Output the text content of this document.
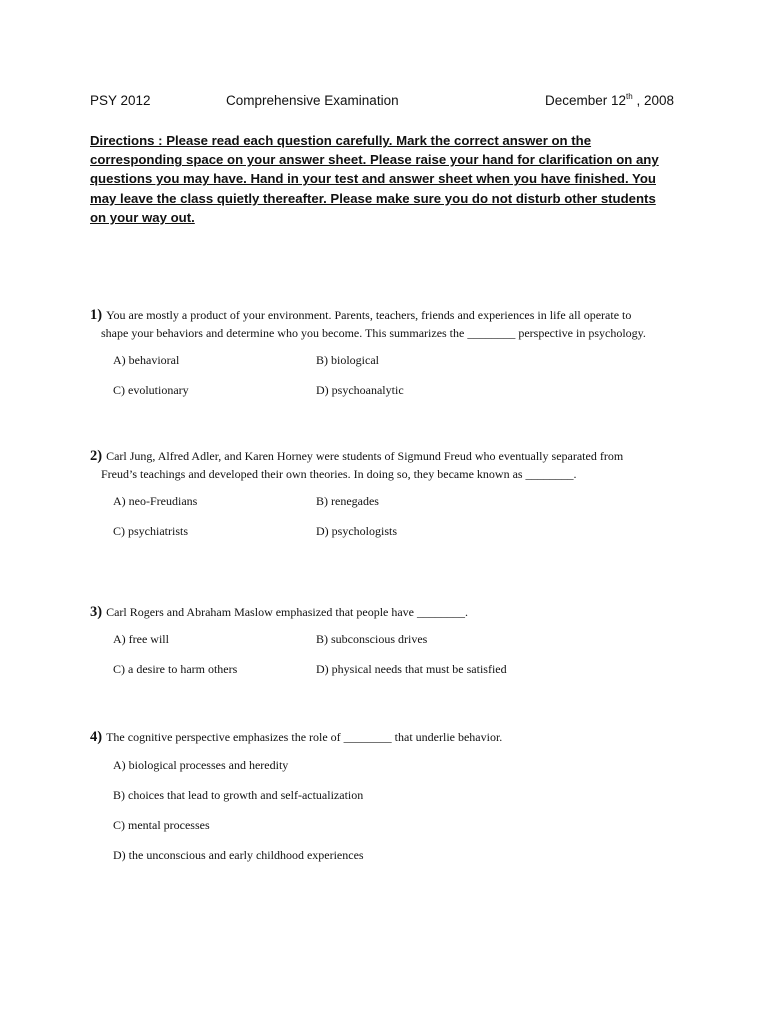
PSY 2012	Comprehensive Examination	December 12th , 2008
Directions : Please read each question carefully. Mark the correct answer on the
corresponding space on your answer sheet. Please raise your hand for clarification on any
questions you may have. Hand in your test and answer sheet when you have finished. You
may leave the class quietly thereafter. Please make sure you do not disturb other students
on your way out.
1) You are mostly a product of your environment. Parents, teachers, friends and experiences in life all operate to
shape your behaviors and determine who you become. This summarizes the ________ perspective in psychology.
A) behavioral	B) biological
C) evolutionary	D) psychoanalytic
2) Carl Jung, Alfred Adler, and Karen Horney were students of Sigmund Freud who eventually separated from
Freud’s teachings and developed their own theories. In doing so, they became known as ________.
A) neo-Freudians	B) renegades
C) psychiatrists	D) psychologists
3) Carl Rogers and Abraham Maslow emphasized that people have ________.
A) free will	B) subconscious drives
C) a desire to harm others	D) physical needs that must be satisfied
4) The cognitive perspective emphasizes the role of ________ that underlie behavior.
A) biological processes and heredity
B) choices that lead to growth and self-actualization
C) mental processes
D) the unconscious and early childhood experiences
